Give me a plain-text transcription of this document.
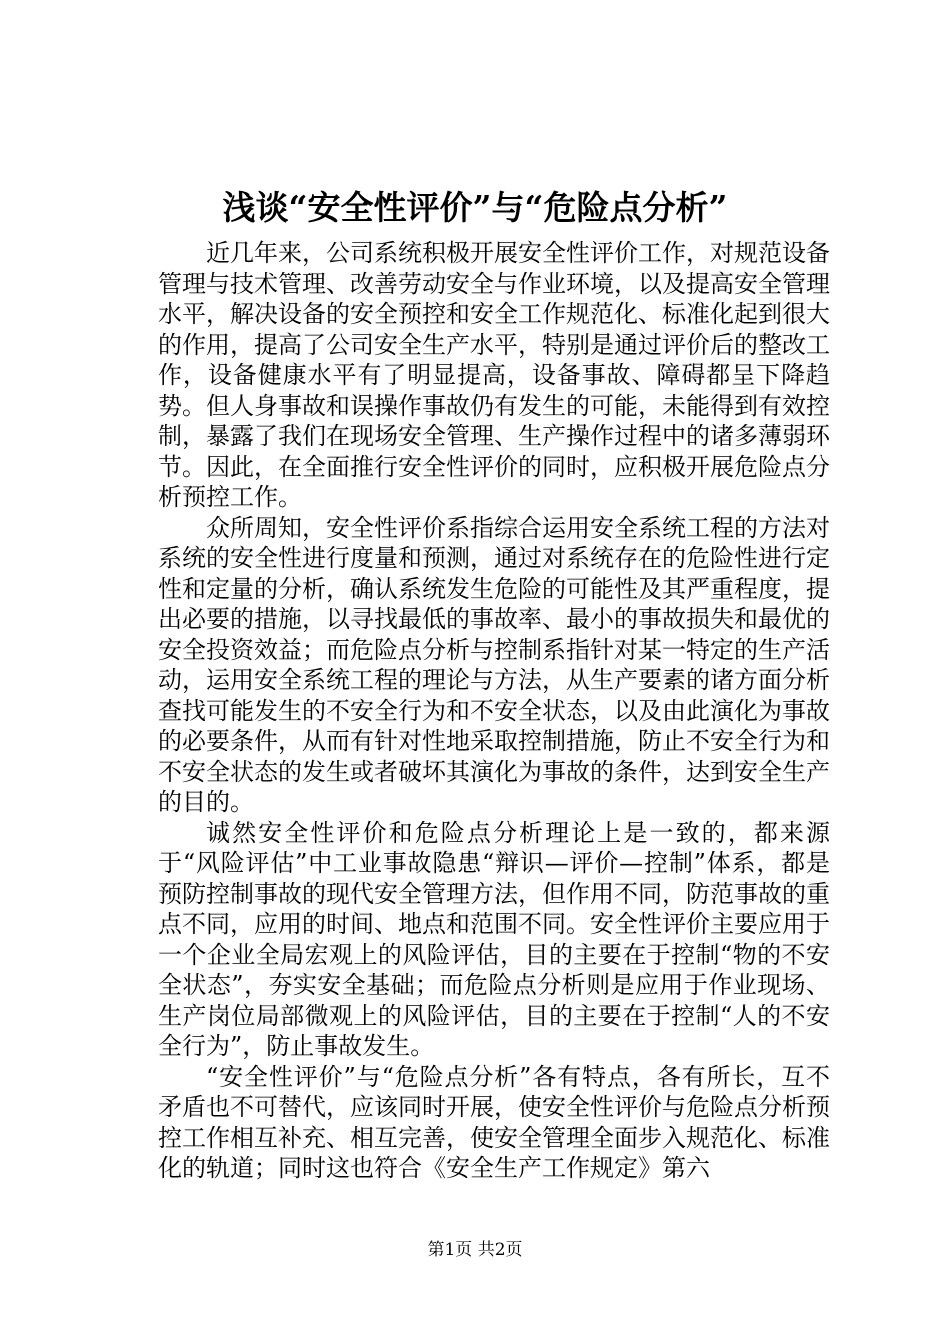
浅谈“安全性评价”与“危险点分析”

近几年来，公司系统积极开展安全性评价工作，对规范设备管理与技术管理、改善劳动安全与作业环境，以及提高安全管理水平，解决设备的安全预控和安全工作规范化、标准化起到很大的作用，提高了公司安全生产水平，特别是通过评价后的整改工作，设备健康水平有了明显提高，设备事故、障碍都呈下降趋势。但人身事故和误操作事故仍有发生的可能，未能得到有效控制，暴露了我们在现场安全管理、生产操作过程中的诸多薄弱环节。因此，在全面推行安全性评价的同时，应积极开展危险点分析预控工作。

众所周知，安全性评价系指综合运用安全系统工程的方法对系统的安全性进行度量和预测，通过对系统存在的危险性进行定性和定量的分析，确认系统发生危险的可能性及其严重程度，提出必要的措施，以寻找最低的事故率、最小的事故损失和最优的安全投资效益；而危险点分析与控制系指针对某一特定的生产活动，运用安全系统工程的理论与方法，从生产要素的诸方面分析查找可能发生的不安全行为和不安全状态，以及由此演化为事故的必要条件，从而有针对性地采取控制措施，防止不安全行为和不安全状态的发生或者破坏其演化为事故的条件，达到安全生产的目的。

诚然安全性评价和危险点分析理论上是一致的，都来源于“风险评估”中工业事故隐患“辩识—评价—控制”体系，都是预防控制事故的现代安全管理方法，但作用不同，防范事故的重点不同，应用的时间、地点和范围不同。安全性评价主要应用于一个企业全局宏观上的风险评估，目的主要在于控制“物的不安全状态”，夯实安全基础；而危险点分析则是应用于作业现场、生产岗位局部微观上的风险评估，目的主要在于控制“人的不安全行为”，防止事故发生。

“安全性评价”与“危险点分析”各有特点，各有所长，互不矛盾也不可替代，应该同时开展，使安全性评价与危险点分析预控工作相互补充、相互完善，使安全管理全面步入规范化、标准化的轨道；同时这也符合《安全生产工作规定》第六

第1页 共2页
